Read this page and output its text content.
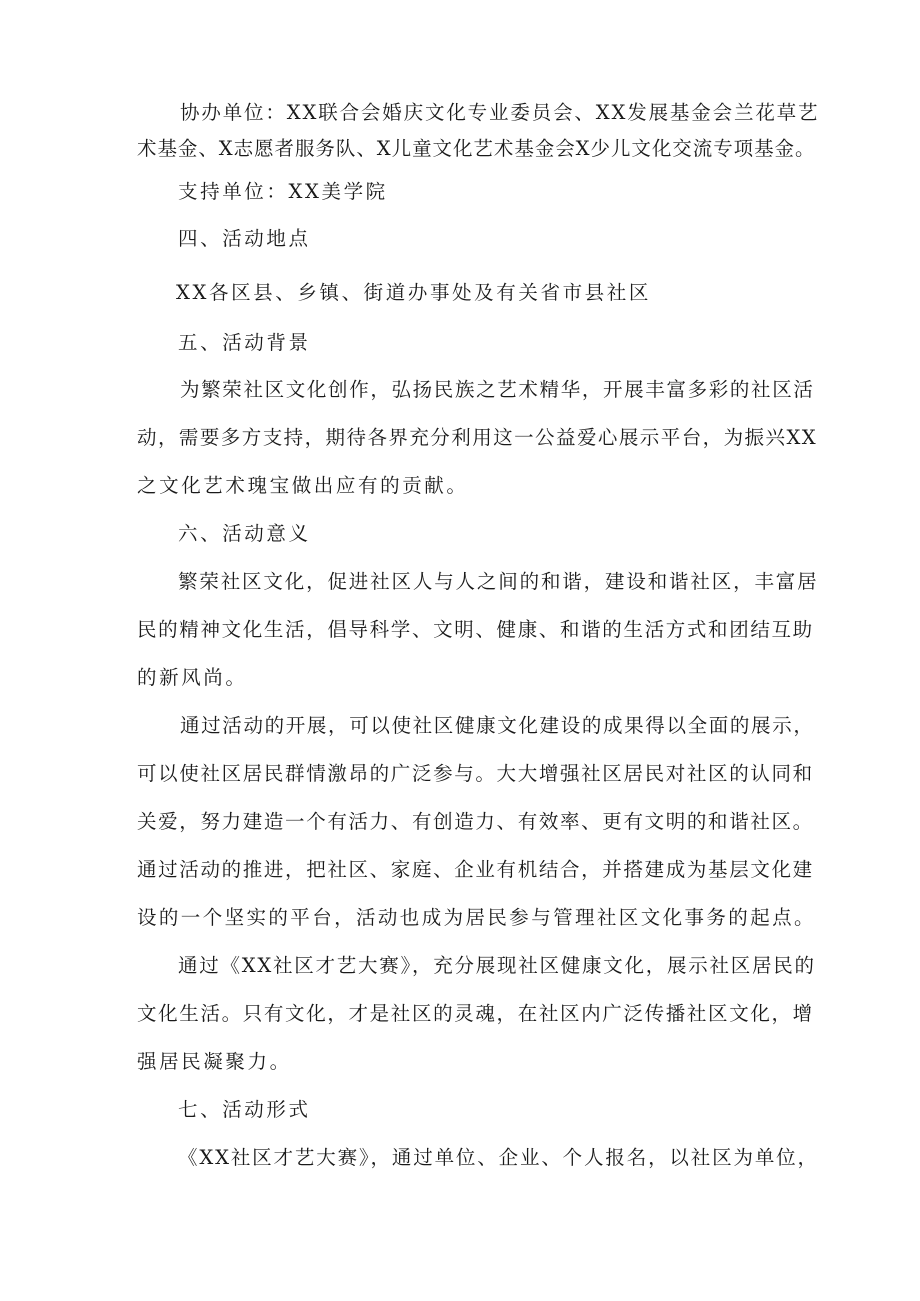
协办单位：XX联合会婚庆文化专业委员会、XX发展基金会兰花草艺
术基金、X志愿者服务队、X儿童文化艺术基金会X少儿文化交流专项基金。
支持单位：XX美学院
四、活动地点
XX各区县、乡镇、街道办事处及有关省市县社区
五、活动背景
为繁荣社区文化创作，弘扬民族之艺术精华，开展丰富多彩的社区活
动，需要多方支持，期待各界充分利用这一公益爱心展示平台，为振兴XX
之文化艺术瑰宝做出应有的贡献。
六、活动意义
繁荣社区文化，促进社区人与人之间的和谐，建设和谐社区，丰富居
民的精神文化生活，倡导科学、文明、健康、和谐的生活方式和团结互助
的新风尚。
通过活动的开展，可以使社区健康文化建设的成果得以全面的展示，
可以使社区居民群情激昂的广泛参与。大大增强社区居民对社区的认同和
关爱，努力建造一个有活力、有创造力、有效率、更有文明的和谐社区。
通过活动的推进，把社区、家庭、企业有机结合，并搭建成为基层文化建
设的一个坚实的平台，活动也成为居民参与管理社区文化事务的起点。
通过《XX社区才艺大赛》，充分展现社区健康文化，展示社区居民的
文化生活。只有文化，才是社区的灵魂，在社区内广泛传播社区文化，增
强居民凝聚力。
七、活动形式
《XX社区才艺大赛》，通过单位、企业、个人报名，以社区为单位，
